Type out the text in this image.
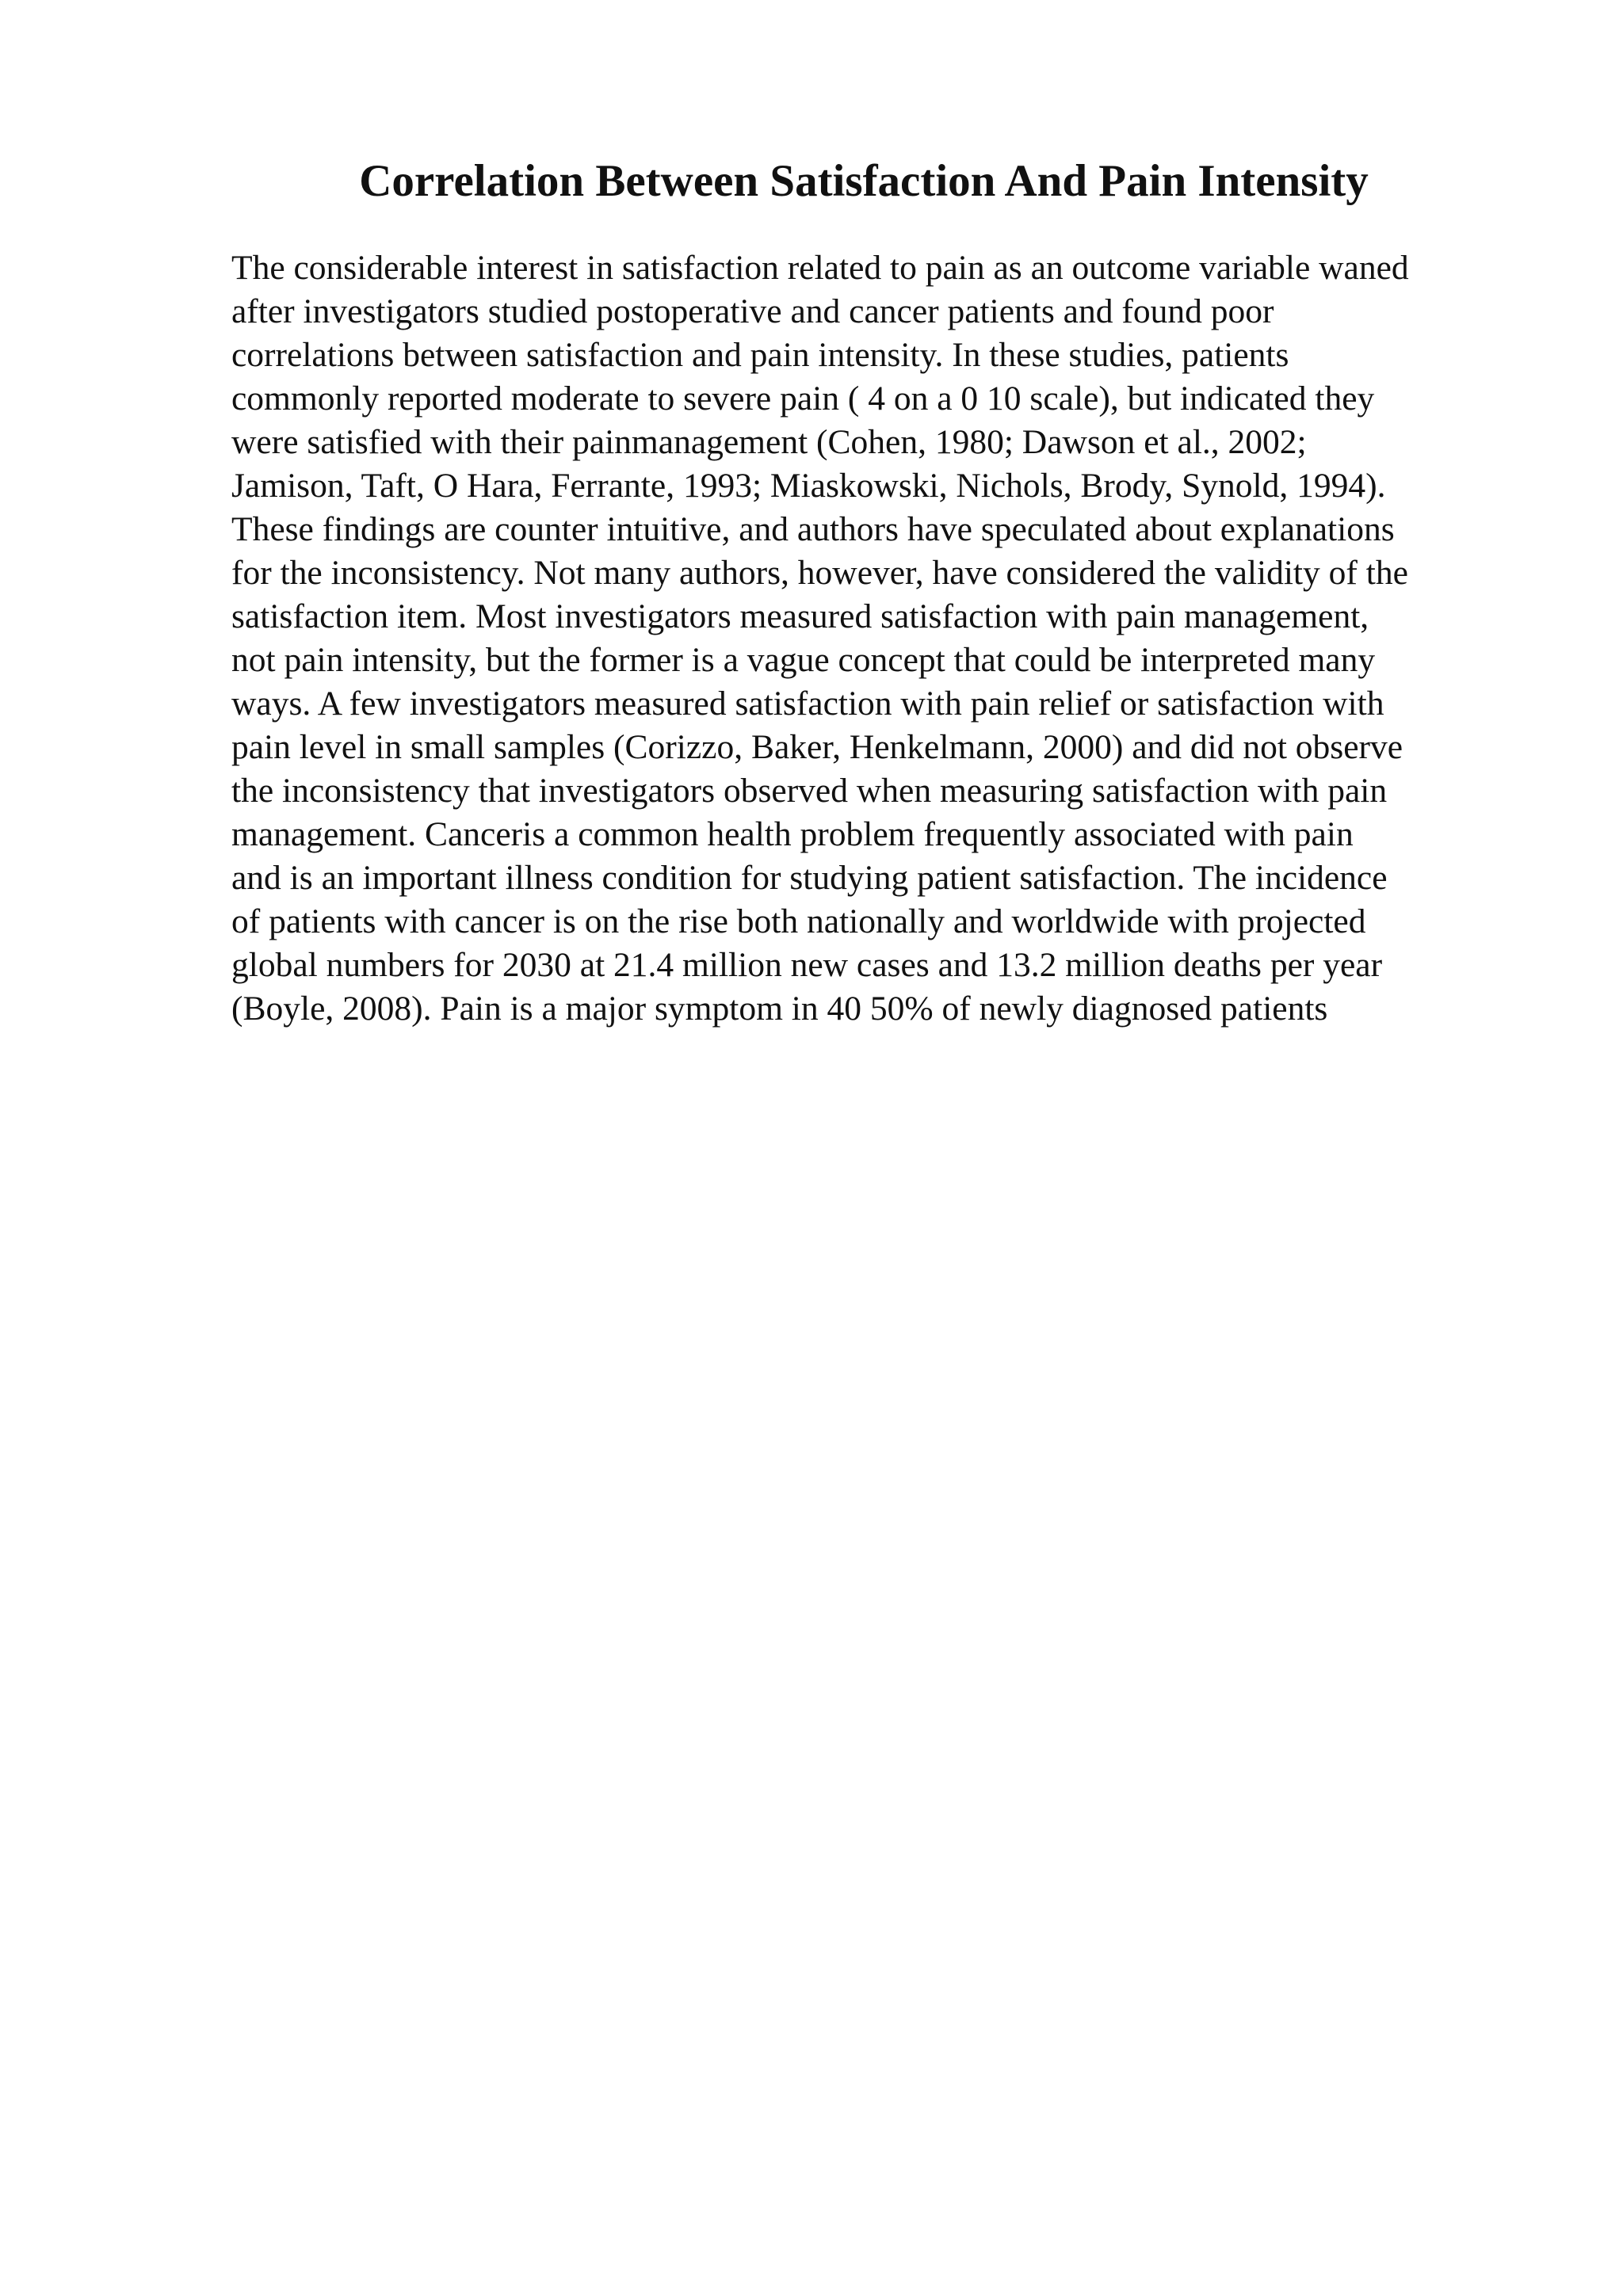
Correlation Between Satisfaction And Pain Intensity
The considerable interest in satisfaction related to pain as an outcome variable waned
after investigators studied postoperative and cancer patients and found poor
correlations between satisfaction and pain intensity. In these studies, patients
commonly reported moderate to severe pain ( 4 on a 0 10 scale), but indicated they
were satisfied with their painmanagement (Cohen, 1980; Dawson et al., 2002;
Jamison, Taft, O Hara, Ferrante, 1993; Miaskowski, Nichols, Brody, Synold, 1994).
These findings are counter intuitive, and authors have speculated about explanations
for the inconsistency. Not many authors, however, have considered the validity of the
satisfaction item. Most investigators measured satisfaction with pain management,
not pain intensity, but the former is a vague concept that could be interpreted many
ways. A few investigators measured satisfaction with pain relief or satisfaction with
pain level in small samples (Corizzo, Baker, Henkelmann, 2000) and did not observe
the inconsistency that investigators observed when measuring satisfaction with pain
management. Canceris a common health problem frequently associated with pain
and is an important illness condition for studying patient satisfaction. The incidence
of patients with cancer is on the rise both nationally and worldwide with projected
global numbers for 2030 at 21.4 million new cases and 13.2 million deaths per year
(Boyle, 2008). Pain is a major symptom in 40 50% of newly diagnosed patients
